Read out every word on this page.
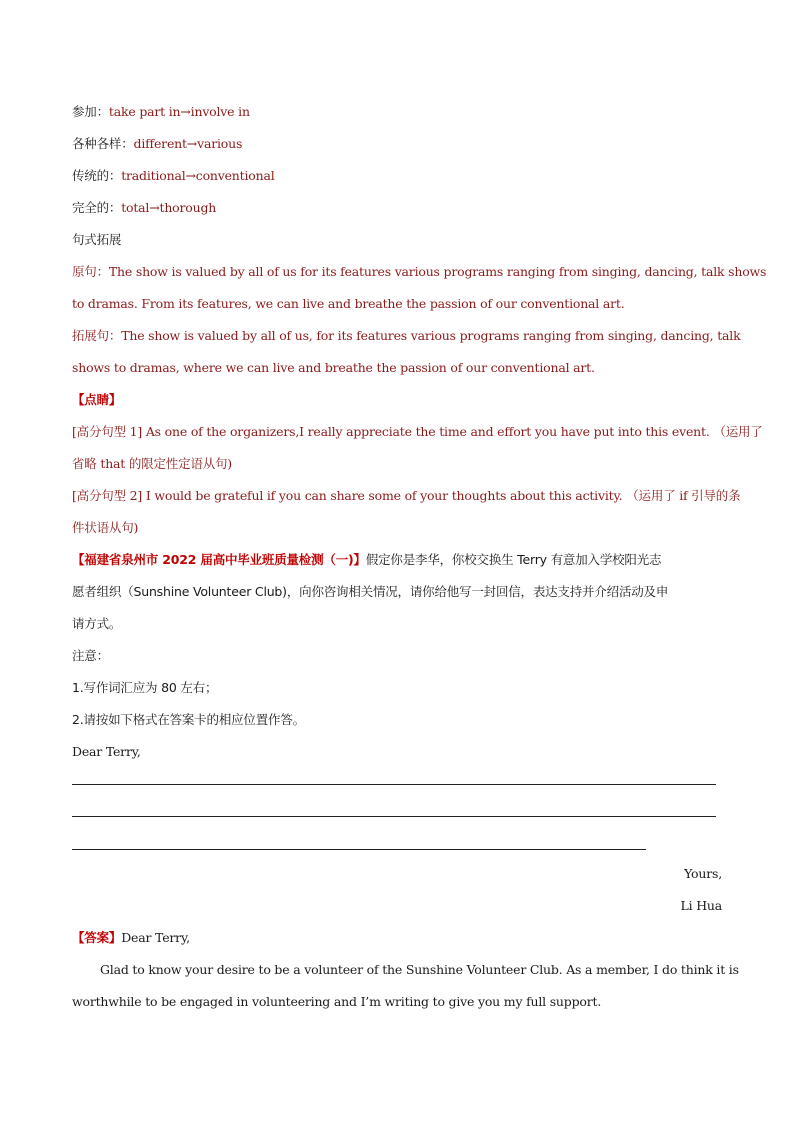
参加：take part in→involve in
各种各样：different→various
传统的：traditional→conventional
完全的：total→thorough
句式拓展
原句：The show is valued by all of us for its features various programs ranging from singing, dancing, talk shows
to dramas. From its features, we can live and breathe the passion of our conventional art.
拓展句：The show is valued by all of us, for its features various programs ranging from singing, dancing, talk
shows to dramas, where we can live and breathe the passion of our conventional art.
【点睛】
[高分句型 1] As one of the organizers,I really appreciate the time and effort you have put into this event. （运用了
省略 that 的限定性定语从句)
[高分句型 2] I would be grateful if you can share some of your thoughts about this activity. （运用了 if 引导的条
件状语从句)
【福建省泉州市 2022 届高中毕业班质量检测（一)】假定你是李华，你校交换生 Terry 有意加入学校阳光志
愿者组织（Sunshine Volunteer Club)，向你咨询相关情况，请你给他写一封回信，表达支持并介绍活动及申
请方式。
注意：
1.写作词汇应为 80 左右；
2.请按如下格式在答案卡的相应位置作答。
Dear Terry,
Yours,
Li Hua
【答案】Dear Terry,
Glad to know your desire to be a volunteer of the Sunshine Volunteer Club. As a member, I do think it is
worthwhile to be engaged in volunteering and I’m writing to give you my full support.
